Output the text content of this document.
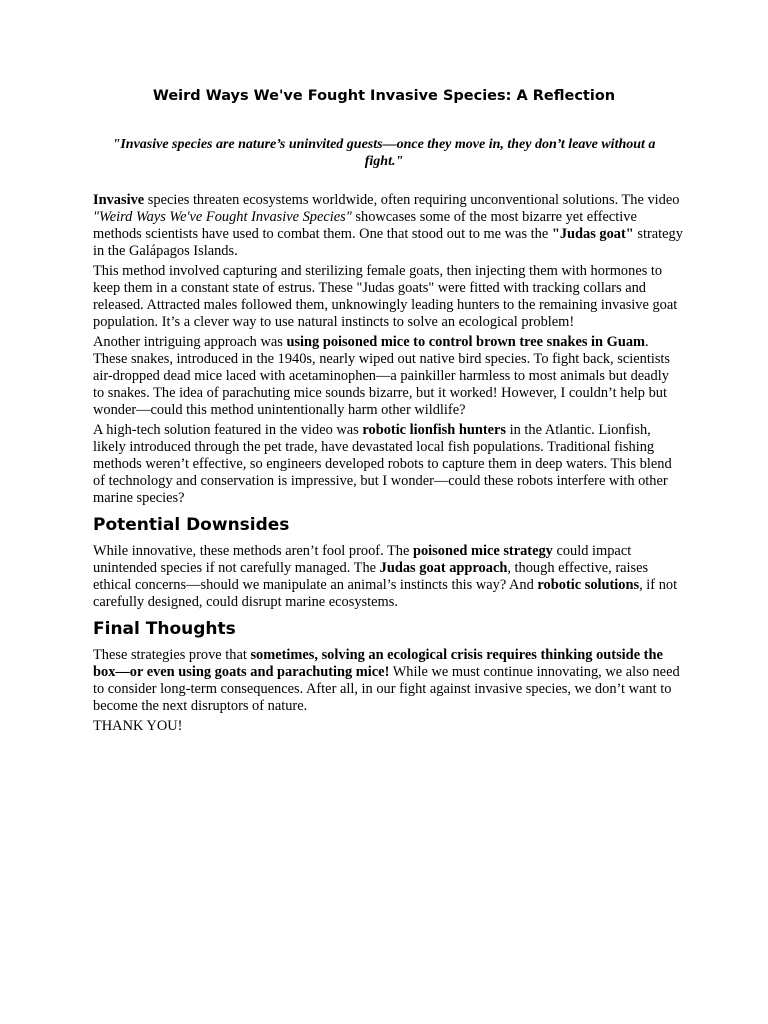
Weird Ways We've Fought Invasive Species: A Reflection

"Invasive species are nature’s uninvited guests—once they move in, they don’t leave without a fight."

Invasive species threaten ecosystems worldwide, often requiring unconventional solutions. The video "Weird Ways We've Fought Invasive Species" showcases some of the most bizarre yet effective methods scientists have used to combat them. One that stood out to me was the "Judas goat" strategy in the Galápagos Islands.

This method involved capturing and sterilizing female goats, then injecting them with hormones to keep them in a constant state of estrus. These "Judas goats" were fitted with tracking collars and released. Attracted males followed them, unknowingly leading hunters to the remaining invasive goat population. It’s a clever way to use natural instincts to solve an ecological problem!

Another intriguing approach was using poisoned mice to control brown tree snakes in Guam. These snakes, introduced in the 1940s, nearly wiped out native bird species. To fight back, scientists air-dropped dead mice laced with acetaminophen—a painkiller harmless to most animals but deadly to snakes. The idea of parachuting mice sounds bizarre, but it worked! However, I couldn’t help but wonder—could this method unintentionally harm other wildlife?

A high-tech solution featured in the video was robotic lionfish hunters in the Atlantic. Lionfish, likely introduced through the pet trade, have devastated local fish populations. Traditional fishing methods weren’t effective, so engineers developed robots to capture them in deep waters. This blend of technology and conservation is impressive, but I wonder—could these robots interfere with other marine species?

Potential Downsides

While innovative, these methods aren’t fool proof. The poisoned mice strategy could impact unintended species if not carefully managed. The Judas goat approach, though effective, raises ethical concerns—should we manipulate an animal’s instincts this way? And robotic solutions, if not carefully designed, could disrupt marine ecosystems.

Final Thoughts

These strategies prove that sometimes, solving an ecological crisis requires thinking outside the box—or even using goats and parachuting mice! While we must continue innovating, we also need to consider long-term consequences. After all, in our fight against invasive species, we don’t want to become the next disruptors of nature.

THANK YOU!
